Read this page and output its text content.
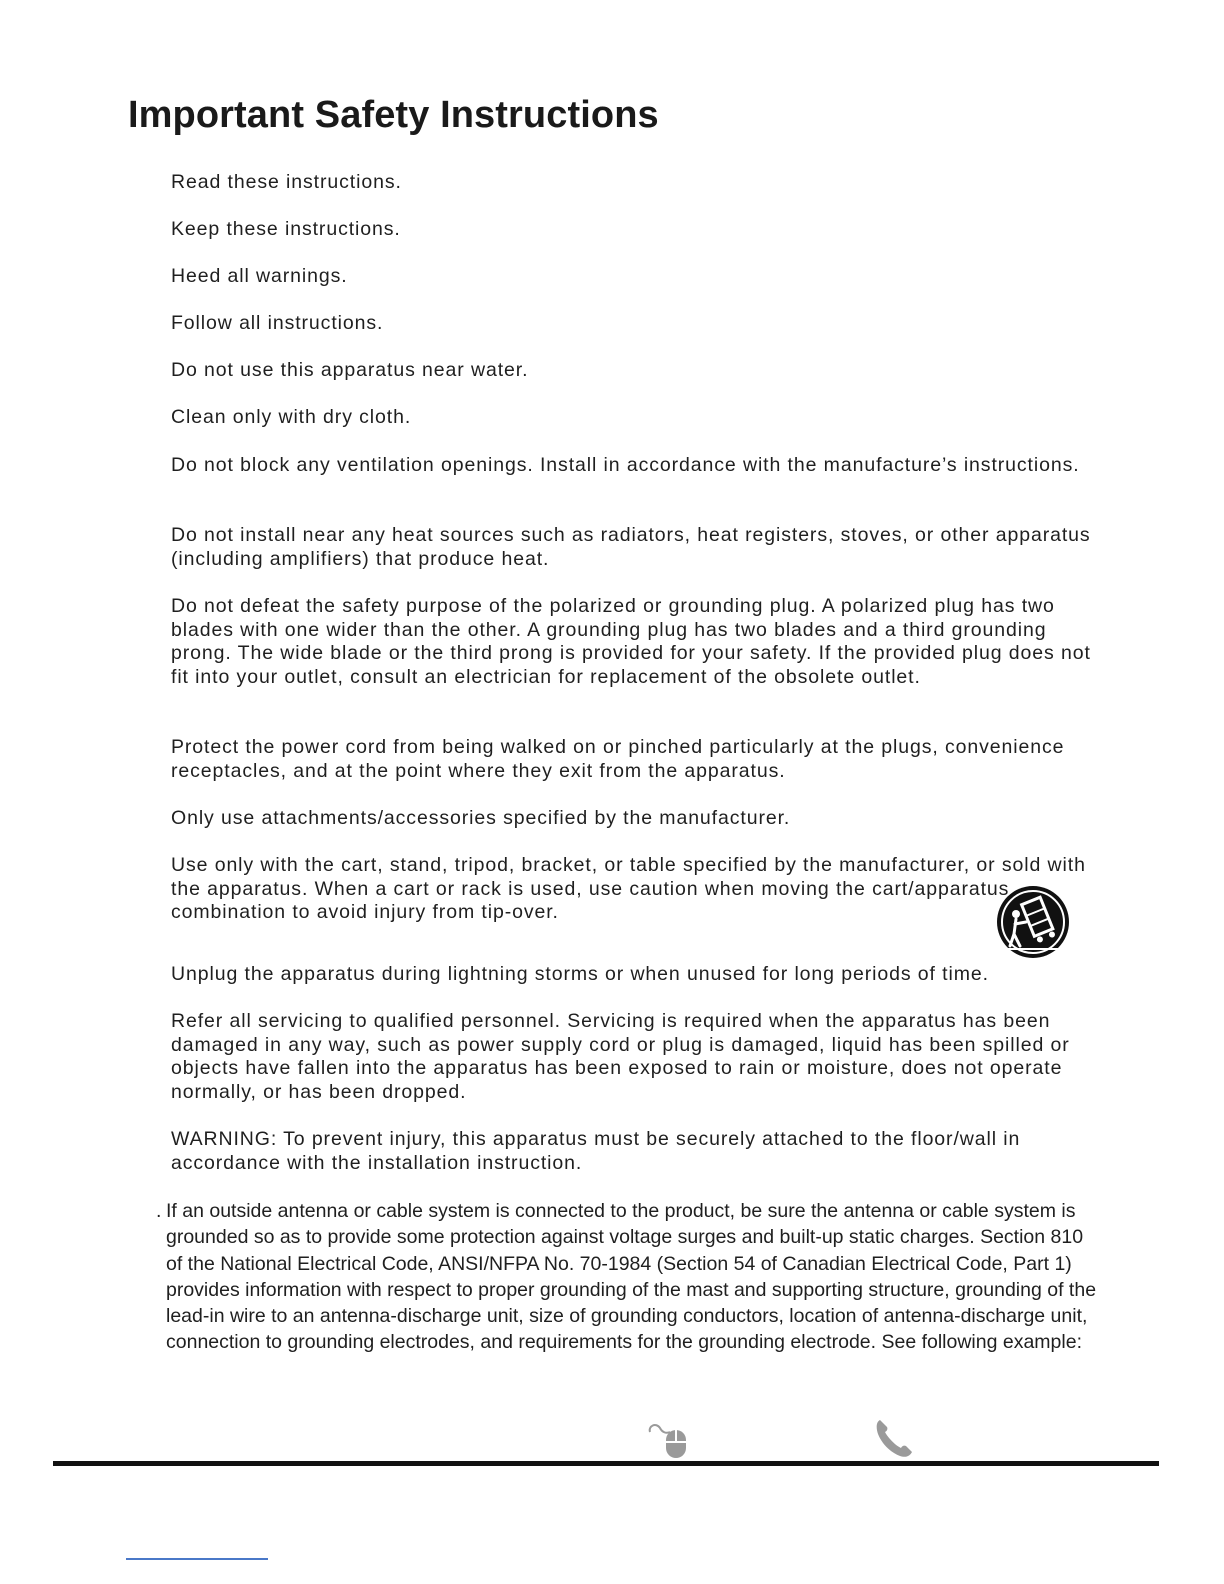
Important Safety Instructions

Read these instructions.

Keep these instructions.

Heed all warnings.

Follow all instructions.

Do not use this apparatus near water.

Clean only with dry cloth.

Do not block any ventilation openings. Install in accordance with the manufacture’s instructions.

Do not install near any heat sources such as radiators, heat registers, stoves, or other apparatus (including amplifiers) that produce heat.

Do not defeat the safety purpose of the polarized or grounding plug. A polarized plug has two blades with one wider than the other. A grounding plug has two blades and a third grounding prong. The wide blade or the third prong is provided for your safety. If the provided plug does not fit into your outlet, consult an electrician for replacement of the obsolete outlet.

Protect the power cord from being walked on or pinched particularly at the plugs, convenience receptacles, and at the point where they exit from the apparatus.

Only use attachments/accessories specified by the manufacturer.

Use only with the cart, stand, tripod, bracket, or table specified by the manufacturer, or sold with the apparatus. When a cart or rack is used, use caution when moving the cart/apparatus combination to avoid injury from tip-over.

Unplug the apparatus during lightning storms or when unused for long periods of time.

Refer all servicing to qualified personnel. Servicing is required when the apparatus has been damaged in any way, such as power supply cord or plug is damaged, liquid has been spilled or objects have fallen into the apparatus has been exposed to rain or moisture, does not operate normally, or has been dropped.

WARNING: To prevent injury, this apparatus must be securely attached to the floor/wall in accordance with the installation instruction.

. If an outside antenna or cable system is connected to the product, be sure the antenna or cable system is grounded so as to provide some protection against voltage surges and built-up static charges. Section 810 of the National Electrical Code, ANSI/NFPA No. 70-1984 (Section 54 of Canadian Electrical Code, Part 1) provides information with respect to proper grounding of the mast and supporting structure, grounding of the lead-in wire to an antenna-discharge unit, size of grounding conductors, location of antenna-discharge unit, connection to grounding electrodes, and requirements for the grounding electrode. See following example:
